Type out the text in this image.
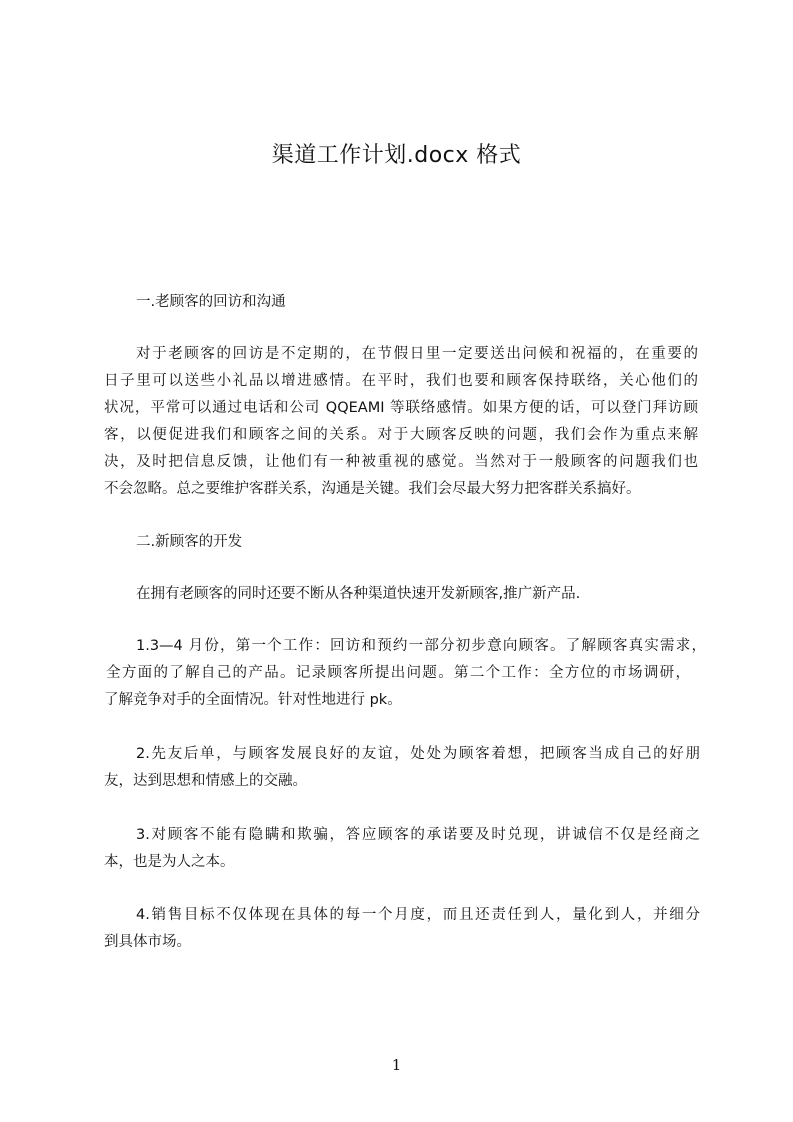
渠道工作计划.docx 格式
一.老顾客的回访和沟通
对于老顾客的回访是不定期的，在节假日里一定要送出问候和祝福的，在重要的
日子里可以送些小礼品以增进感情。在平时，我们也要和顾客保持联络，关心他们的
状况，平常可以通过电话和公司 QQEAMI 等联络感情。如果方便的话，可以登门拜访顾
客，以便促进我们和顾客之间的关系。对于大顾客反映的问题，我们会作为重点来解
决，及时把信息反馈，让他们有一种被重视的感觉。当然对于一般顾客的问题我们也
不会忽略。总之要维护客群关系，沟通是关键。我们会尽最大努力把客群关系搞好。
二.新顾客的开发
在拥有老顾客的同时还要不断从各种渠道快速开发新顾客,推广新产品.
1.3—4 月份，第一个工作：回访和预约一部分初步意向顾客。了解顾客真实需求，
全方面的了解自己的产品。记录顾客所提出问题。第二个工作：全方位的市场调研，
了解竞争对手的全面情况。针对性地进行 pk。
2.先友后单，与顾客发展良好的友谊，处处为顾客着想，把顾客当成自己的好朋
友，达到思想和情感上的交融。
3.对顾客不能有隐瞒和欺骗，答应顾客的承诺要及时兑现，讲诚信不仅是经商之
本，也是为人之本。
4.销售目标不仅体现在具体的每一个月度，而且还责任到人，量化到人，并细分
到具体市场。
1
